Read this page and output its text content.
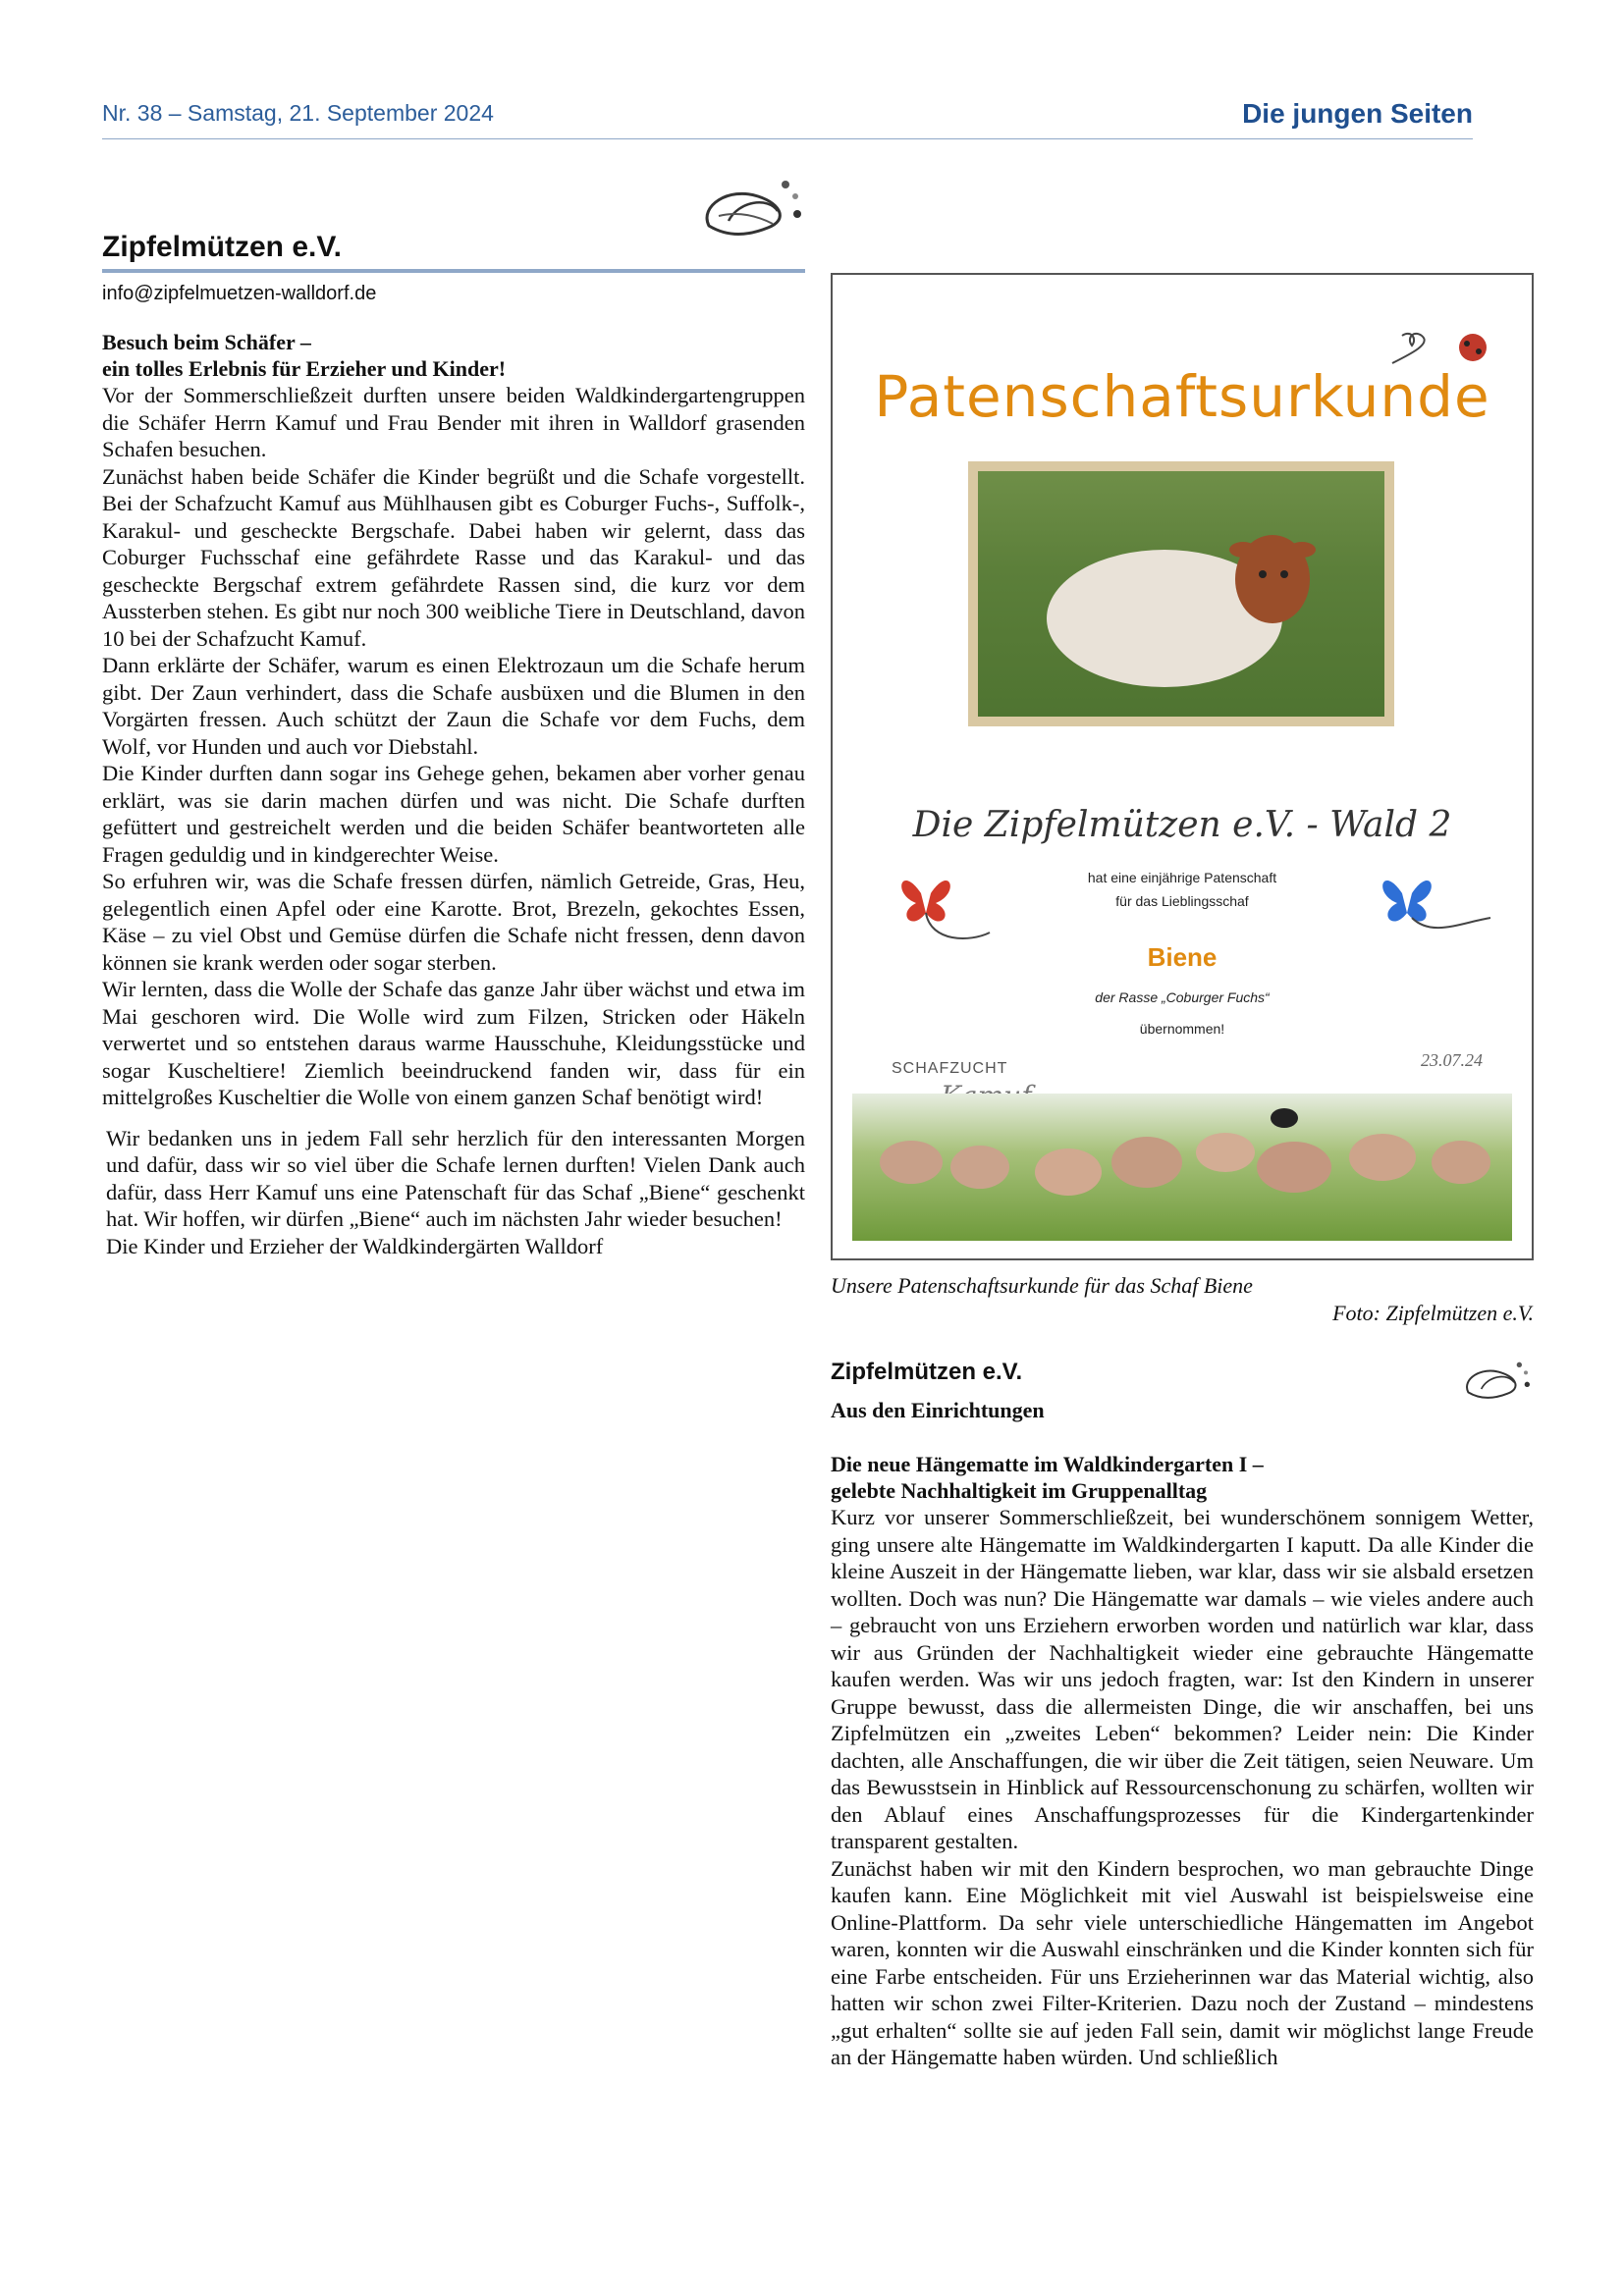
Nr. 38 – Samstag, 21. September 2024	Die jungen Seiten
Zipfelmützen e.V.
info@zipfelmuetzen-walldorf.de
Besuch beim Schäfer –
ein tolles Erlebnis für Erzieher und Kinder!

Vor der Sommerschließzeit durften unsere beiden Waldkindergartengruppen die Schäfer Herrn Kamuf und Frau Bender mit ihren in Walldorf grasenden Schafen besuchen.

Zunächst haben beide Schäfer die Kinder begrüßt und die Schafe vorgestellt. Bei der Schafzucht Kamuf aus Mühlhausen gibt es Coburger Fuchs-, Suffolk-, Karakul- und gescheckte Bergschafe. Dabei haben wir gelernt, dass das Coburger Fuchsschaf eine gefährdete Rasse und das Karakul- und das gescheckte Bergschaf extrem gefährdete Rassen sind, die kurz vor dem Aussterben stehen. Es gibt nur noch 300 weibliche Tiere in Deutschland, davon 10 bei der Schafzucht Kamuf.

Dann erklärte der Schäfer, warum es einen Elektrozaun um die Schafe herum gibt. Der Zaun verhindert, dass die Schafe ausbüxen und die Blumen in den Vorgärten fressen. Auch schützt der Zaun die Schafe vor dem Fuchs, dem Wolf, vor Hunden und auch vor Diebstahl.

Die Kinder durften dann sogar ins Gehege gehen, bekamen aber vorher genau erklärt, was sie darin machen dürfen und was nicht. Die Schafe durften gefüttert und gestreichelt werden und die beiden Schäfer beantworteten alle Fragen geduldig und in kindgerechter Weise.

So erfuhren wir, was die Schafe fressen dürfen, nämlich Getreide, Gras, Heu, gelegentlich einen Apfel oder eine Karotte. Brot, Brezeln, gekochtes Essen, Käse – zu viel Obst und Gemüse dürfen die Schafe nicht fressen, denn davon können sie krank werden oder sogar sterben.

Wir lernten, dass die Wolle der Schafe das ganze Jahr über wächst und etwa im Mai geschoren wird. Die Wolle wird zum Filzen, Stricken oder Häkeln verwertet und so entstehen daraus warme Hausschuhe, Kleidungsstücke und sogar Kuscheltiere! Ziemlich beeindruckend fanden wir, dass für ein mittelgroßes Kuscheltier die Wolle von einem ganzen Schaf benötigt wird!

Wir bedanken uns in jedem Fall sehr herzlich für den interessanten Morgen und dafür, dass wir so viel über die Schafe lernen durften! Vielen Dank auch dafür, dass Herr Kamuf uns eine Patenschaft für das Schaf „Biene“ geschenkt hat. Wir hoffen, wir dürfen „Biene“ auch im nächsten Jahr wieder besuchen!

Die Kinder und Erzieher der Waldkindergärten Walldorf

Patenschaftsurkunde
Die Zipfelmützen e.V. - Wald 2
hat eine einjährige Patenschaft
für das Lieblingsschaf
Biene
der Rasse „Coburger Fuchs“
übernommen!
23.07.24
SCHAFZUCHT
Unsere Patenschaftsurkunde für das Schaf Biene
Foto: Zipfelmützen e.V.
Zipfelmützen e.V.
Aus den Einrichtungen
Die neue Hängematte im Waldkindergarten I –
gelebte Nachhaltigkeit im Gruppenalltag

Kurz vor unserer Sommerschließzeit, bei wunderschönem sonnigem Wetter, ging unsere alte Hängematte im Waldkindergarten I kaputt. Da alle Kinder die kleine Auszeit in der Hängematte lieben, war klar, dass wir sie alsbald ersetzen wollten. Doch was nun? Die Hängematte war damals – wie vieles andere auch – gebraucht von uns Erziehern erworben worden und natürlich war klar, dass wir aus Gründen der Nachhaltigkeit wieder eine gebrauchte Hängematte kaufen werden. Was wir uns jedoch fragten, war: Ist den Kindern in unserer Gruppe bewusst, dass die allermeisten Dinge, die wir anschaffen, bei uns Zipfelmützen ein „zweites Leben“ bekommen? Leider nein: Die Kinder dachten, alle Anschaffungen, die wir über die Zeit tätigen, seien Neuware. Um das Bewusstsein in Hinblick auf Ressourcenschonung zu schärfen, wollten wir den Ablauf eines Anschaffungsprozesses für die Kindergartenkinder transparent gestalten.

Zunächst haben wir mit den Kindern besprochen, wo man gebrauchte Dinge kaufen kann. Eine Möglichkeit mit viel Auswahl ist beispielsweise eine Online-Plattform. Da sehr viele unterschiedliche Hängematten im Angebot waren, konnten wir die Auswahl einschränken und die Kinder konnten sich für eine Farbe entscheiden. Für uns Erzieherinnen war das Material wichtig, also hatten wir schon zwei Filter-Kriterien. Dazu noch der Zustand – mindestens „gut erhalten“ sollte sie auf jeden Fall sein, damit wir möglichst lange Freude an der Hängematte haben würden. Und schließlich
